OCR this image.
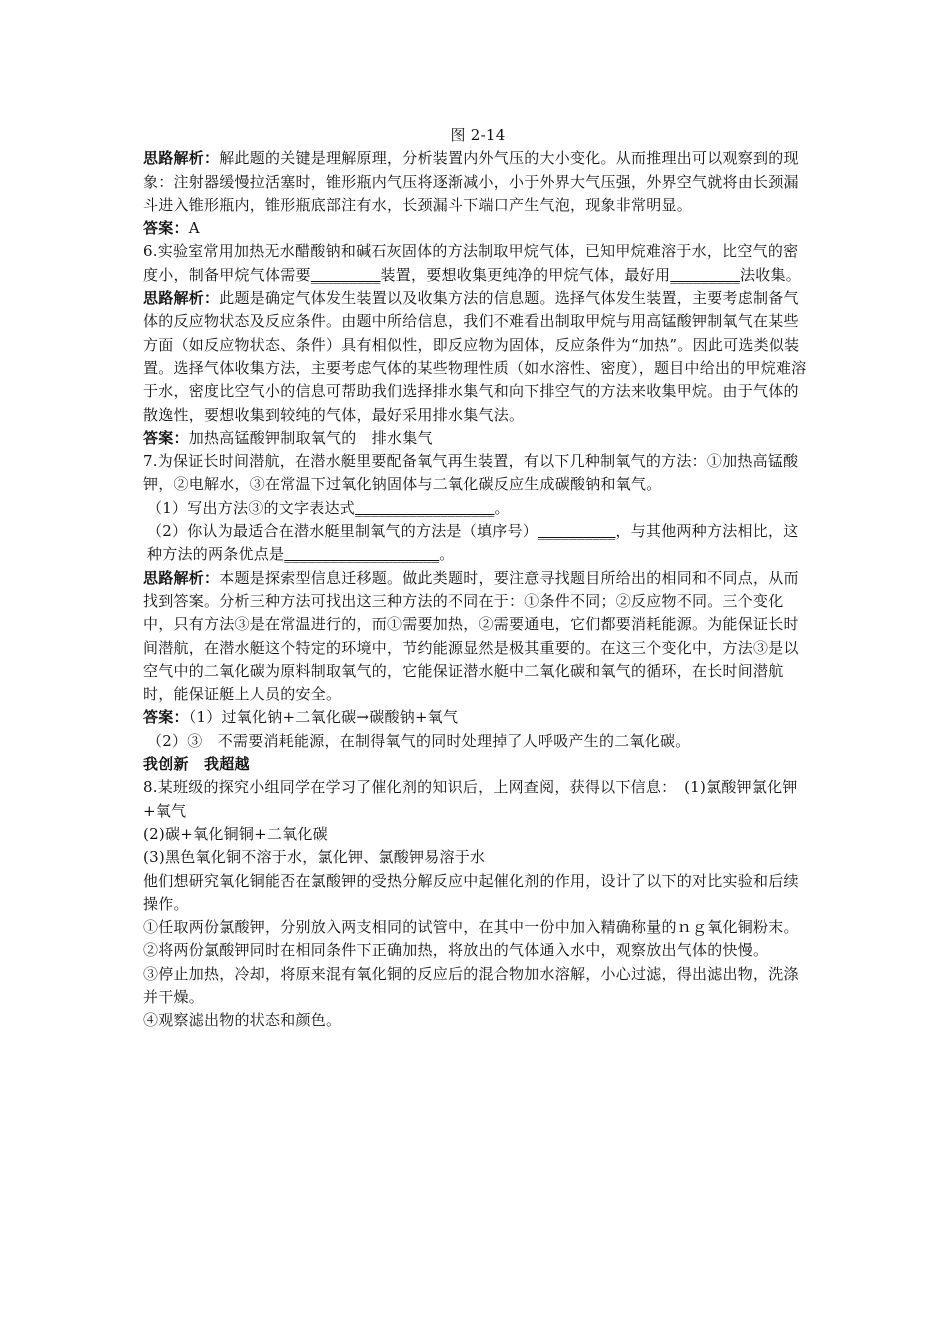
图 2-14

思路解析：解此题的关键是理解原理，分析装置内外气压的大小变化。从而推理出可以观察到的现象：注射器缓慢拉活塞时，锥形瓶内气压将逐渐减小，小于外界大气压强，外界空气就将由长颈漏斗进入锥形瓶内，锥形瓶底部注有水，长颈漏斗下端口产生气泡，现象非常明显。

答案：A

6.实验室常用加热无水醋酸钠和碱石灰固体的方法制取甲烷气体，已知甲烷难溶于水，比空气的密度小，制备甲烷气体需要_________装置，要想收集更纯净的甲烷气体，最好用_________法收集。

思路解析：此题是确定气体发生装置以及收集方法的信息题。选择气体发生装置，主要考虑制备气体的反应物状态及反应条件。由题中所给信息，我们不难看出制取甲烷与用高锰酸钾制氧气在某些方面（如反应物状态、条件）具有相似性，即反应物为固体，反应条件为“加热”。因此可选类似装置。选择气体收集方法，主要考虑气体的某些物理性质（如水溶性、密度），题目中给出的甲烷难溶于水，密度比空气小的信息可帮助我们选择排水集气和向下排空气的方法来收集甲烷。由于气体的散逸性，要想收集到较纯的气体，最好采用排水集气法。

答案：加热高锰酸钾制取氧气的　排水集气

7.为保证长时间潜航，在潜水艇里要配备氧气再生装置，有以下几种制氧气的方法：①加热高锰酸钾，②电解水，③在常温下过氧化钠固体与二氧化碳反应生成碳酸钠和氧气。

（1）写出方法③的文字表达式__________________。

（2）你认为最适合在潜水艇里制氧气的方法是（填序号）__________，与其他两种方法相比，这种方法的两条优点是____________________。

思路解析：本题是探索型信息迁移题。做此类题时，要注意寻找题目所给出的相同和不同点，从而找到答案。分析三种方法可找出这三种方法的不同在于：①条件不同；②反应物不同。三个变化中，只有方法③是在常温进行的，而①需要加热，②需要通电，它们都要消耗能源。为能保证长时间潜航，在潜水艇这个特定的环境中，节约能源显然是极其重要的。在这三个变化中，方法③是以空气中的二氧化碳为原料制取氧气的，它能保证潜水艇中二氧化碳和氧气的循环，在长时间潜航时，能保证艇上人员的安全。

答案：（1）过氧化钠+二氧化碳→碳酸钠+氧气

（2）③　不需要消耗能源，在制得氧气的同时处理掉了人呼吸产生的二氧化碳。

我创新　我超越

8.某班级的探究小组同学在学习了催化剂的知识后，上网查阅，获得以下信息：　(1)氯酸钾氯化钾+氧气

(2)碳+氧化铜铜+二氧化碳

(3)黑色氧化铜不溶于水，氯化钾、氯酸钾易溶于水

他们想研究氧化铜能否在氯酸钾的受热分解反应中起催化剂的作用，设计了以下的对比实验和后续操作。

①任取两份氯酸钾，分别放入两支相同的试管中，在其中一份中加入精确称量的ｎｇ氧化铜粉末。

②将两份氯酸钾同时在相同条件下正确加热，将放出的气体通入水中，观察放出气体的快慢。

③停止加热，冷却，将原来混有氧化铜的反应后的混合物加水溶解，小心过滤，得出滤出物，洗涤并干燥。

④观察滤出物的状态和颜色。
